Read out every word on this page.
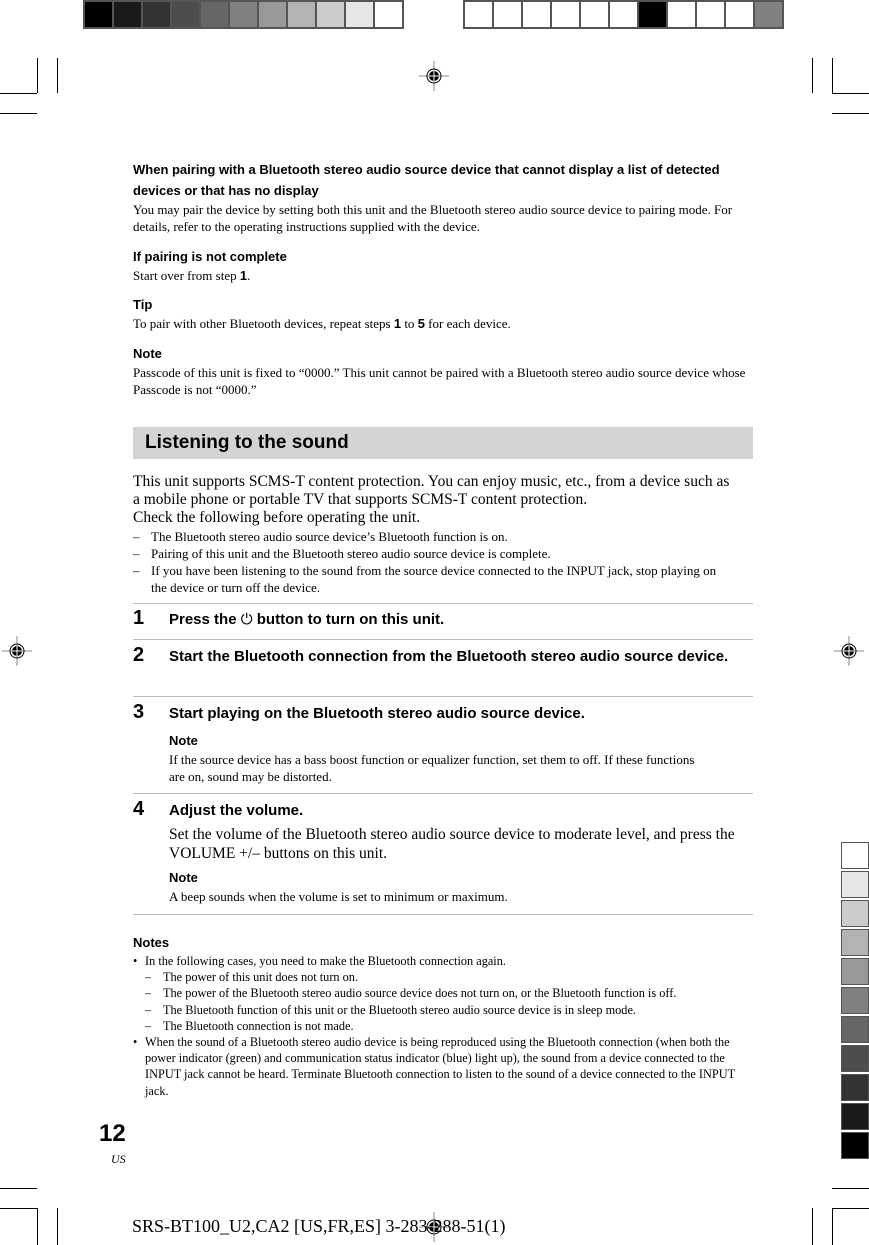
When pairing with a Bluetooth stereo audio source device that cannot display a list of detected devices or that has no display
You may pair the device by setting both this unit and the Bluetooth stereo audio source device to pairing mode. For details, refer to the operating instructions supplied with the device.
If pairing is not complete
Start over from step 1.
Tip
To pair with other Bluetooth devices, repeat steps 1 to 5 for each device.
Note
Passcode of this unit is fixed to “0000.” This unit cannot be paired with a Bluetooth stereo audio source device whose Passcode is not “0000.”
Listening to the sound
This unit supports SCMS-T content protection. You can enjoy music, etc., from a device such as a mobile phone or portable TV that supports SCMS-T content protection.
Check the following before operating the unit.
– The Bluetooth stereo audio source device’s Bluetooth function is on.
– Pairing of this unit and the Bluetooth stereo audio source device is complete.
– If you have been listening to the sound from the source device connected to the INPUT jack, stop playing on the device or turn off the device.
1 Press the ⏻ button to turn on this unit.
2 Start the Bluetooth connection from the Bluetooth stereo audio source device.
3 Start playing on the Bluetooth stereo audio source device.
Note
If the source device has a bass boost function or equalizer function, set them to off. If these functions are on, sound may be distorted.
4 Adjust the volume.
Set the volume of the Bluetooth stereo audio source device to moderate level, and press the VOLUME +/– buttons on this unit.
Note
A beep sounds when the volume is set to minimum or maximum.
Notes
• In the following cases, you need to make the Bluetooth connection again.
– The power of this unit does not turn on.
– The power of the Bluetooth stereo audio source device does not turn on, or the Bluetooth function is off.
– The Bluetooth function of this unit or the Bluetooth stereo audio source device is in sleep mode.
– The Bluetooth connection is not made.
• When the sound of a Bluetooth stereo audio device is being reproduced using the Bluetooth connection (when both the power indicator (green) and communication status indicator (blue) light up), the sound from a device connected to the INPUT jack cannot be heard. Terminate Bluetooth connection to listen to the sound of a device connected to the INPUT jack.
12
US
SRS-BT100_U2,CA2 [US,FR,ES] 3-283-288-51(1)
